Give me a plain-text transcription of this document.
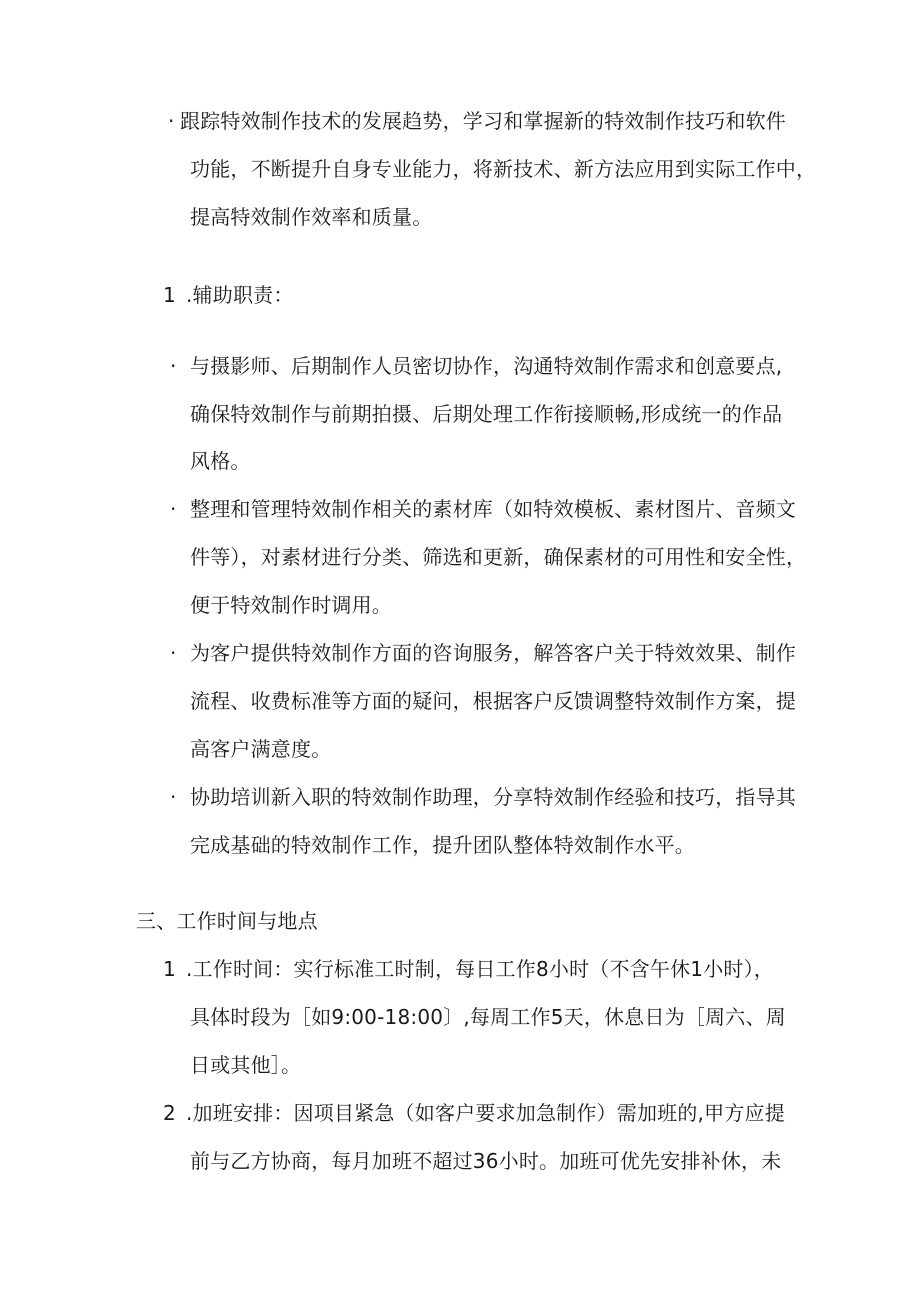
· 跟踪特效制作技术的发展趋势，学习和掌握新的特效制作技巧和软件
功能，不断提升自身专业能力，将新技术、新方法应用到实际工作中，
提高特效制作效率和质量。
1 .辅助职责：
· 与摄影师、后期制作人员密切协作，沟通特效制作需求和创意要点,
确保特效制作与前期拍摄、后期处理工作衔接顺畅,形成统一的作品
风格。
· 整理和管理特效制作相关的素材库（如特效模板、素材图片、音频文
件等），对素材进行分类、筛选和更新，确保素材的可用性和安全性，
便于特效制作时调用。
· 为客户提供特效制作方面的咨询服务，解答客户关于特效效果、制作
流程、收费标准等方面的疑问，根据客户反馈调整特效制作方案，提
高客户满意度。
· 协助培训新入职的特效制作助理，分享特效制作经验和技巧，指导其
完成基础的特效制作工作，提升团队整体特效制作水平。
三、工作时间与地点
1 .工作时间：实行标准工时制，每日工作8小时（不含午休1小时），
具体时段为［如9:00-18:00〕,每周工作5天，休息日为［周六、周
日或其他］。
2 .加班安排：因项目紧急（如客户要求加急制作）需加班的,甲方应提
前与乙方协商，每月加班不超过36小时。加班可优先安排补休，未
